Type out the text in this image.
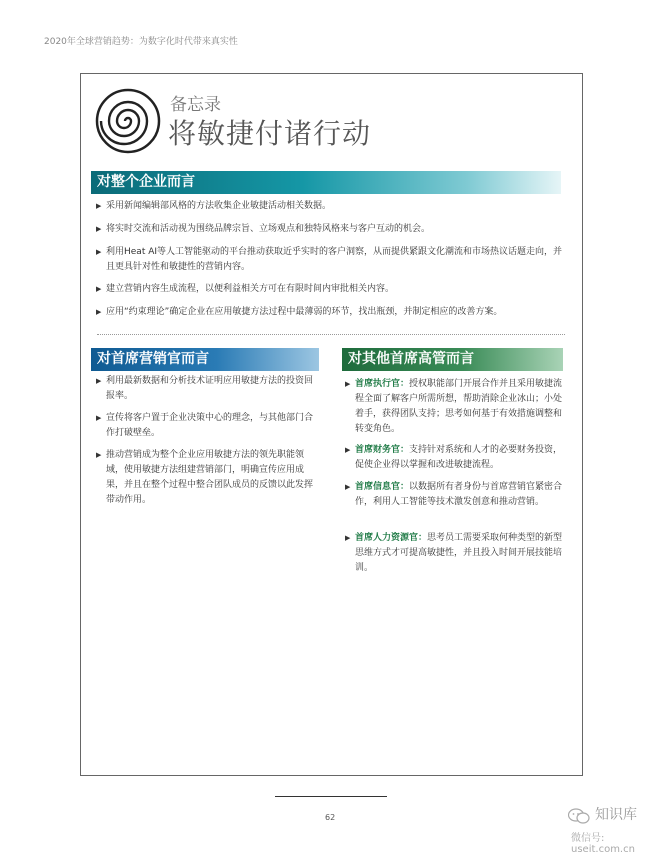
2020年全球营销趋势：为数字化时代带来真实性
备忘录
将敏捷付诸行动
对整个企业而言
▶ 采用新闻编辑部风格的方法收集企业敏捷活动相关数据。
▶ 将实时交流和活动视为围绕品牌宗旨、立场观点和独特风格来与客户互动的机会。
▶ 利用Heat AI等人工智能驱动的平台推动获取近乎实时的客户洞察，从而提供紧跟文化潮流和市场热议话题走向，并且更具针对性和敏捷性的营销内容。
▶ 建立营销内容生成流程，以便利益相关方可在有限时间内审批相关内容。
▶ 应用“约束理论”确定企业在应用敏捷方法过程中最薄弱的环节，找出瓶颈，并制定相应的改善方案。
对首席营销官而言
▶ 利用最新数据和分析技术证明应用敏捷方法的投资回报率。
▶ 宣传将客户置于企业决策中心的理念，与其他部门合作打破壁垒。
▶ 推动营销成为整个企业应用敏捷方法的领先职能领域，使用敏捷方法组建营销部门，明确宣传应用成果，并且在整个过程中整合团队成员的反馈以此发挥带动作用。
对其他首席高管而言
▶ 首席执行官：授权职能部门开展合作并且采用敏捷流程全面了解客户所需所想，帮助消除企业冰山；小处着手，获得团队支持；思考如何基于有效措施调整和转变角色。
▶ 首席财务官：支持针对系统和人才的必要财务投资，促使企业得以掌握和改进敏捷流程。
▶ 首席信息官：以数据所有者身份与首席营销官紧密合作，利用人工智能等技术激发创意和推动营销。
▶ 首席人力资源官：思考员工需要采取何种类型的新型思维方式才可提高敏捷性，并且投入时间开展技能培训。
62	知识库
微信号: useit.com.cn
